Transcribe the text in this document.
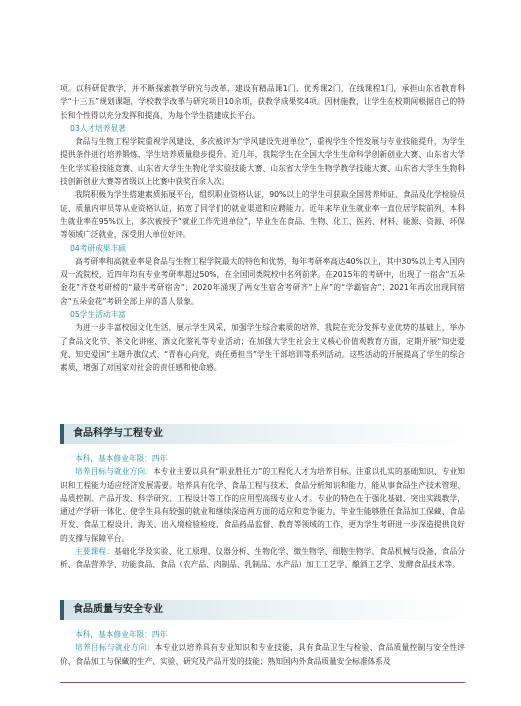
项。以科研促教学，并不断探索教学研究与改革，建设有精品课1门、优秀课2门，在线课程1门，承担山东省教育科学“十三五”规划课题，学校教学改革与研究项目10余项，获教学成果奖4项。因材施教，让学生在校期间根据自己的特长和个性得以充分发挥和提高，为每个学生搭建成长平台。

03人才培养显著

食品与生物工程学院重视学风建设，多次被评为“学风建设先进单位”，重视学生个性发展与专业技能提升，为学生提供条件进行培养锻炼，学生培养质量稳步提升。近几年，我院学生在全国大学生生命科学创新创业大赛、山东省大学生化学实验技能竞赛、山东省大学生生物化学实验技能大赛、山东省大学生生物学教学技能大赛、山东省大学生生物科技创新创业大赛等省级以上比赛中获奖百余人次。

我院积极为学生搭建素质拓展平台，组织职业资格认证，90%以上的学生可获取全国营养师证、食品及化学检验员证、质量内审员等从业资格认证，拓宽了同学们的就业渠道和应聘能力。近年来毕业生就业率一直位居学院前列，本科生就业率在95%以上，多次被授予“就业工作先进单位”，毕业生在食品、生物、化工、医药、材料、能源、资源、环保等领域广泛就业，深受用人单位好评。

04考研成果丰硕

高考研率和高就业率是食品与生物工程学院最大的特色和优势，每年考研率高达40%以上，其中30%以上考入国内双一流院校，近四年均有专业考研率超过50%，在全国同类院校中名列前茅。在2015年的考研中，出现了一宿舍“五朵金花”齐登考研榜的“最牛考研宿舍”；2020年涌现了两女生宿舍考研齐“上岸”的“学霸宿舍”；2021年再次出现同宿舍“五朵金花”考研全部上岸的喜人景象。

05学生活动丰富

为进一步丰富校园文化生活，展示学生风采，加强学生综合素质的培养，我院在充分发挥专业优势的基础上，举办了食品文化节、茶文化讲座、酒文化鉴礼等专业活动；在加强大学生社会主义核心价值观教育方面，定期开展“知史爱党、知史爱国”主题升旗仪式、“青春心向党，责任勇担当”学生干部培训等系列活动。这些活动的开展提高了学生的综合素质，增强了对国家对社会的责任感和使命感。

食品科学与工程专业

本科，基本修业年限：四年

培养目标与就业方向：本专业主要以具有“职业胜任力”的工程化人才为培养目标。注重以扎实的基础知识、专业知识和工程能力适应经济发展需要。培养具有化学、食品工程与技术、食品分析知识和能力，能从事食品生产技术管理、品质控制、产品开发、科学研究、工程设计等工作的应用型高级专业人才。专业的特色在于强化基础、突出实践教学，通过产学研一体化、使学生具有较强的就业和继续深造两方面的适应和竞争能力。毕业生能够胜任食品加工保藏、食品开发、食品工程设计、海关、出入境检验检疫、食品药品监督、教育等领域的工作，更为学生考研进一步深造提供良好的支撑与保障平台。

主要课程：基础化学及实验、化工原理、仪器分析、生物化学、微生物学、细胞生物学、食品机械与设备、食品分析、食品营养学、功能食品、食品（农产品、肉制品、乳制品、水产品）加工工艺学、酿酒工艺学、发酵食品技术等。

食品质量与安全专业

本科，基本修业年限：四年

培养目标与就业方向：本专业以培养具有专业知识和专业技能，具有食品卫生与检验、食品质量控制与安全性评价、食品加工与保藏的生产、实验、研究及产品开发的技能；熟知国内外食品质量安全标准体系及
